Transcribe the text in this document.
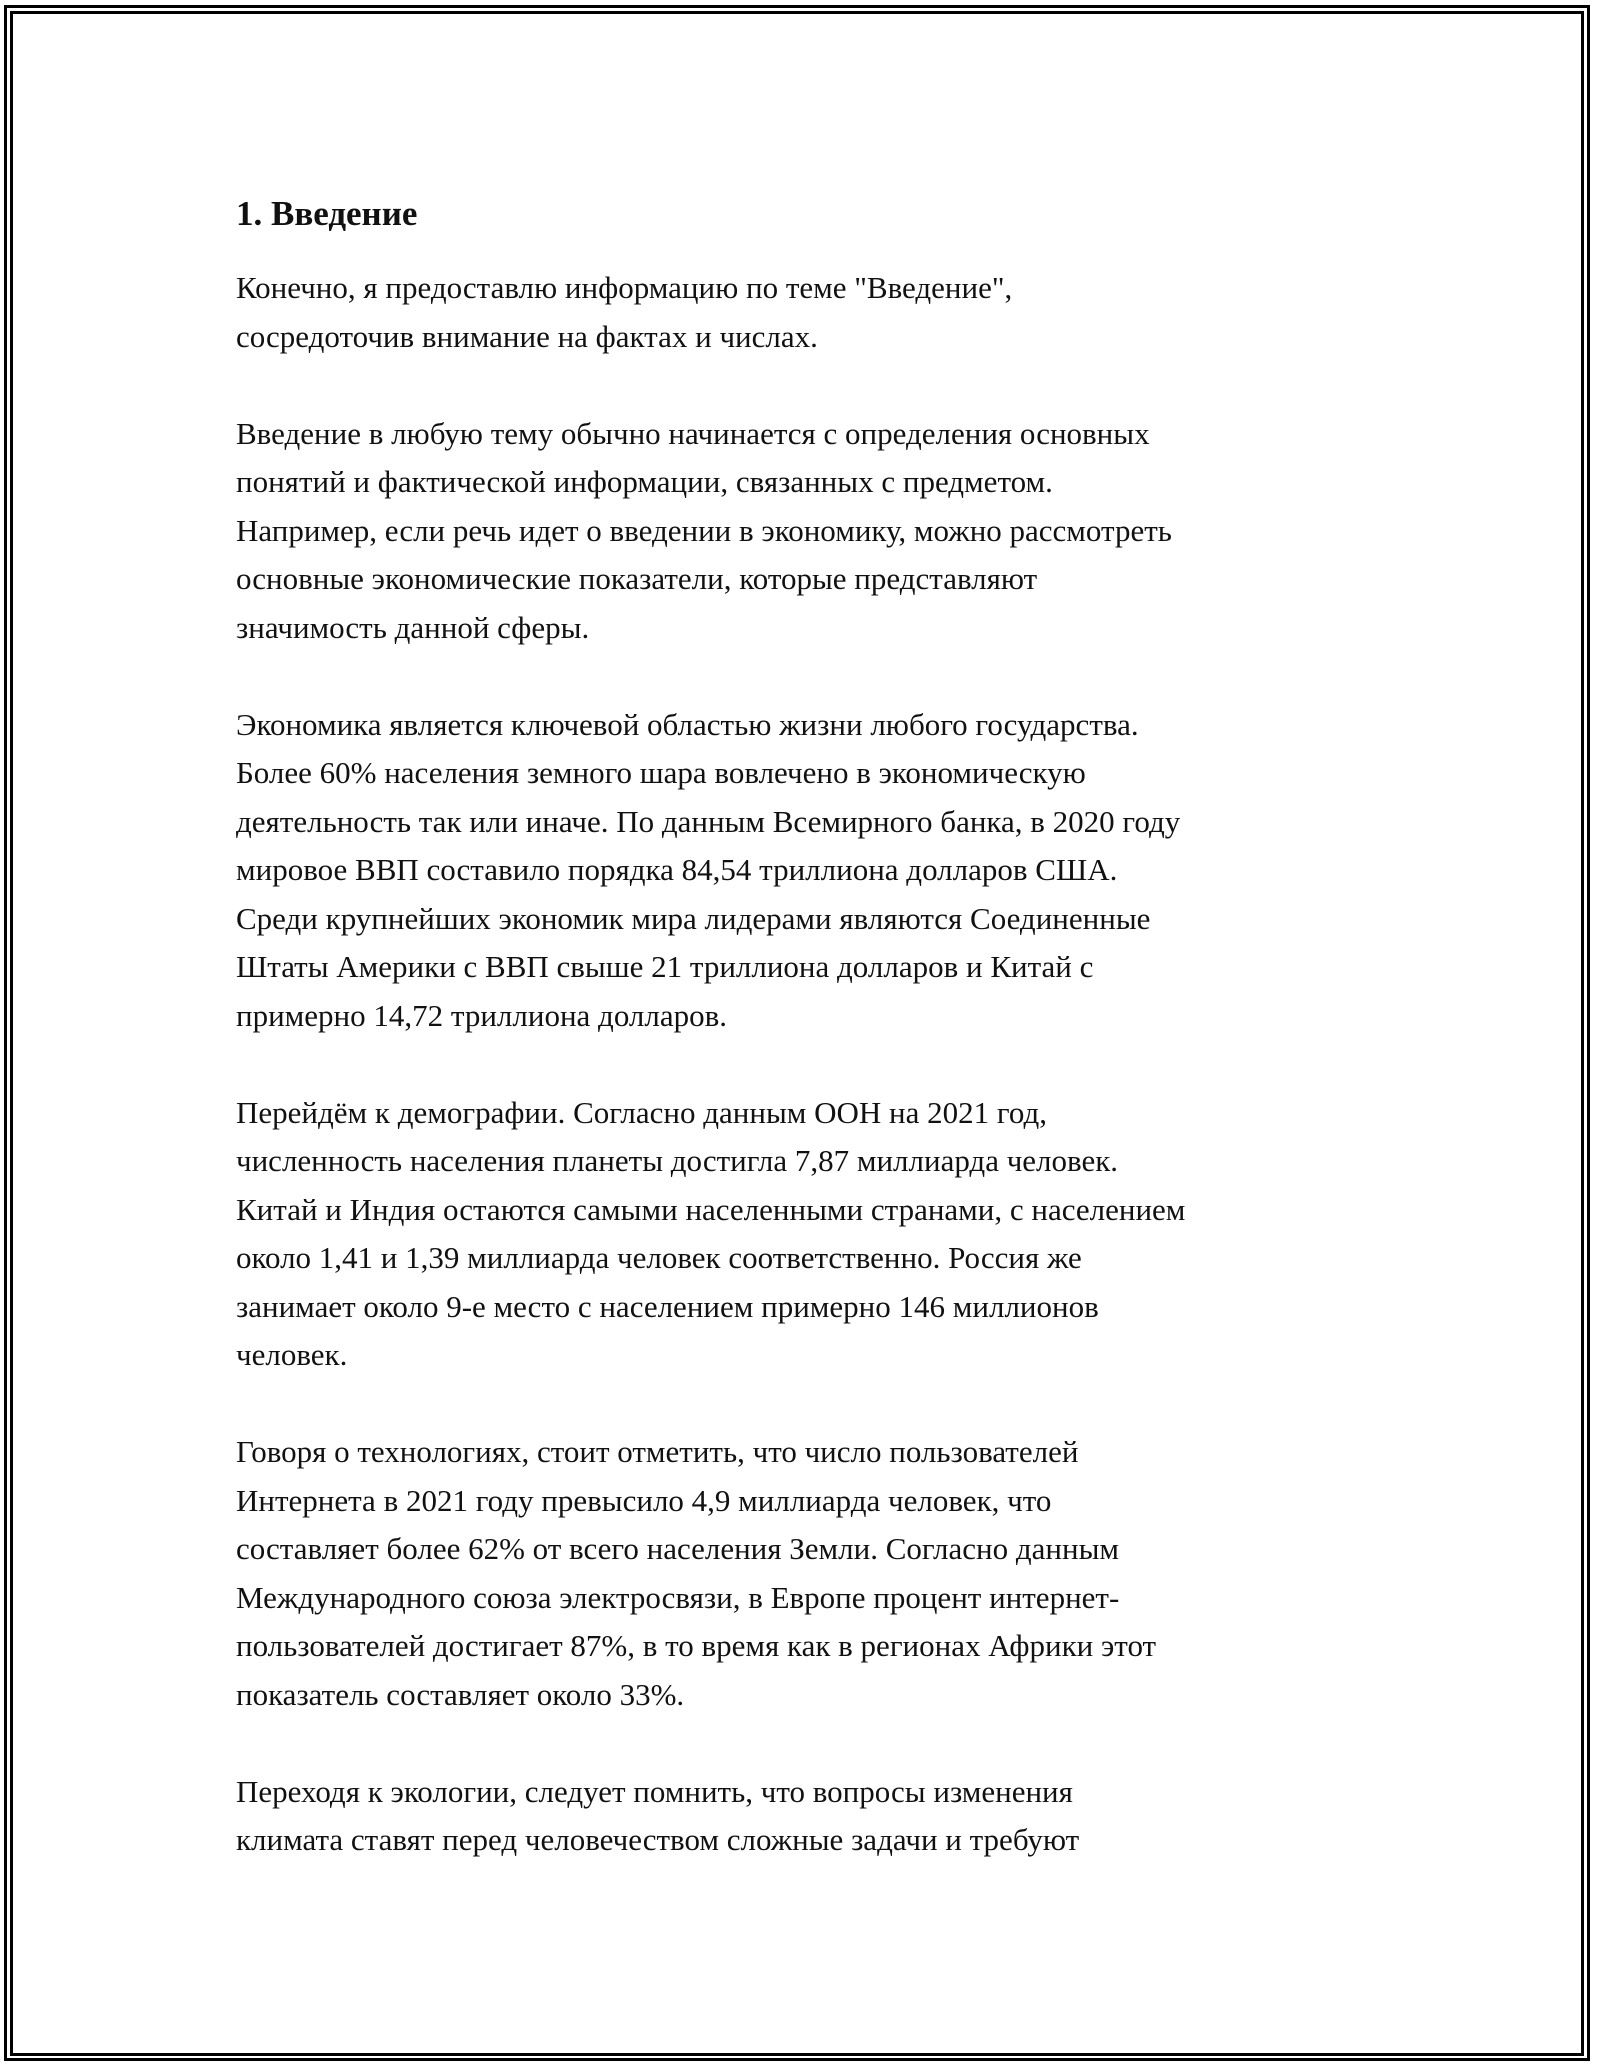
1. Введение

Конечно, я предоставлю информацию по теме "Введение",
сосредоточив внимание на фактах и числах.

Введение в любую тему обычно начинается с определения основных
понятий и фактической информации, связанных с предметом.
Например, если речь идет о введении в экономику, можно рассмотреть
основные экономические показатели, которые представляют
значимость данной сферы.

Экономика является ключевой областью жизни любого государства.
Более 60% населения земного шара вовлечено в экономическую
деятельность так или иначе. По данным Всемирного банка, в 2020 году
мировое ВВП составило порядка 84,54 триллиона долларов США.
Среди крупнейших экономик мира лидерами являются Соединенные
Штаты Америки с ВВП свыше 21 триллиона долларов и Китай с
примерно 14,72 триллиона долларов.

Перейдём к демографии. Согласно данным ООН на 2021 год,
численность населения планеты достигла 7,87 миллиарда человек.
Китай и Индия остаются самыми населенными странами, с населением
около 1,41 и 1,39 миллиарда человек соответственно. Россия же
занимает около 9-е место с населением примерно 146 миллионов
человек.

Говоря о технологиях, стоит отметить, что число пользователей
Интернета в 2021 году превысило 4,9 миллиарда человек, что
составляет более 62% от всего населения Земли. Согласно данным
Международного союза электросвязи, в Европе процент интернет-
пользователей достигает 87%, в то время как в регионах Африки этот
показатель составляет около 33%.

Переходя к экологии, следует помнить, что вопросы изменения
климата ставят перед человечеством сложные задачи и требуют
